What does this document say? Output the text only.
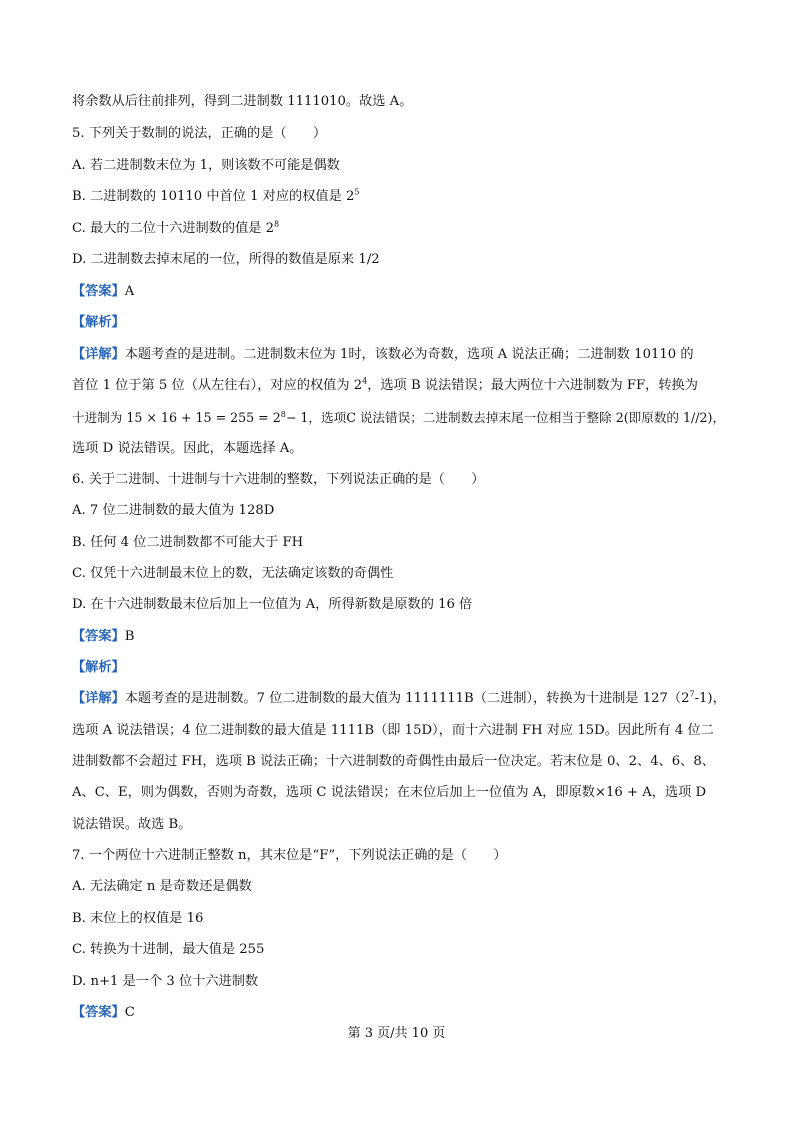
将余数从后往前排列，得到二进制数 1111010。故选 A。
5. 下列关于数制的说法，正确的是（　　）
A. 若二进制数末位为 1，则该数不可能是偶数
B. 二进制数的 10110 中首位 1 对应的权值是 $2^5$
C. 最大的二位十六进制数的值是 $2^8$
D. 二进制数去掉末尾的一位，所得的数值是原来 1/2
【答案】A
【解析】
【详解】本题考查的是进制。二进制数末位为 1时，该数必为奇数，选项 A 说法正确；二进制数 10110 的
首位 1 位于第 5 位（从左往右），对应的权值为 $2^4$，选项 B 说法错误；最大两位十六进制数为 FF，转换为
十进制为 $15 \times 16 + 15 = 255 = 2^8- 1$，选项C 说法错误；二进制数去掉末尾一位相当于整除 2(即原数的 1//2)，
选项 D 说法错误。因此，本题选择 A。
6. 关于二进制、十进制与十六进制的整数，下列说法正确的是（　　）
A. 7 位二进制数的最大值为 128D
B. 任何 4 位二进制数都不可能大于 FH
C. 仅凭十六进制最末位上的数，无法确定该数的奇偶性
D. 在十六进制数最末位后加上一位值为 A，所得新数是原数的 16 倍
【答案】B
【解析】
【详解】本题考查的是进制数。7 位二进制数的最大值为 1111111B（二进制），转换为十进制是 $127(2^7-1)$，
选项 A 说法错误；4 位二进制数的最大值是 1111B（即 15D），而十六进制 FH 对应 15D。因此所有 4 位二
进制数都不会超过 FH，选项 B 说法正确；十六进制数的奇偶性由最后一位决定。若末位是 0、2、4、6、8、
A、C、E，则为偶数，否则为奇数，选项 C 说法错误；在末位后加上一位值为 A，即原数×16 + A，选项 D
说法错误。故选 B。
7. 一个两位十六进制正整数 n，其末位是“F”，下列说法正确的是（　　）
A. 无法确定 n 是奇数还是偶数
B. 末位上的权值是 16
C. 转换为十进制，最大值是 255
D. n+1 是一个 3 位十六进制数
【答案】C
第 3 页/共 10 页
